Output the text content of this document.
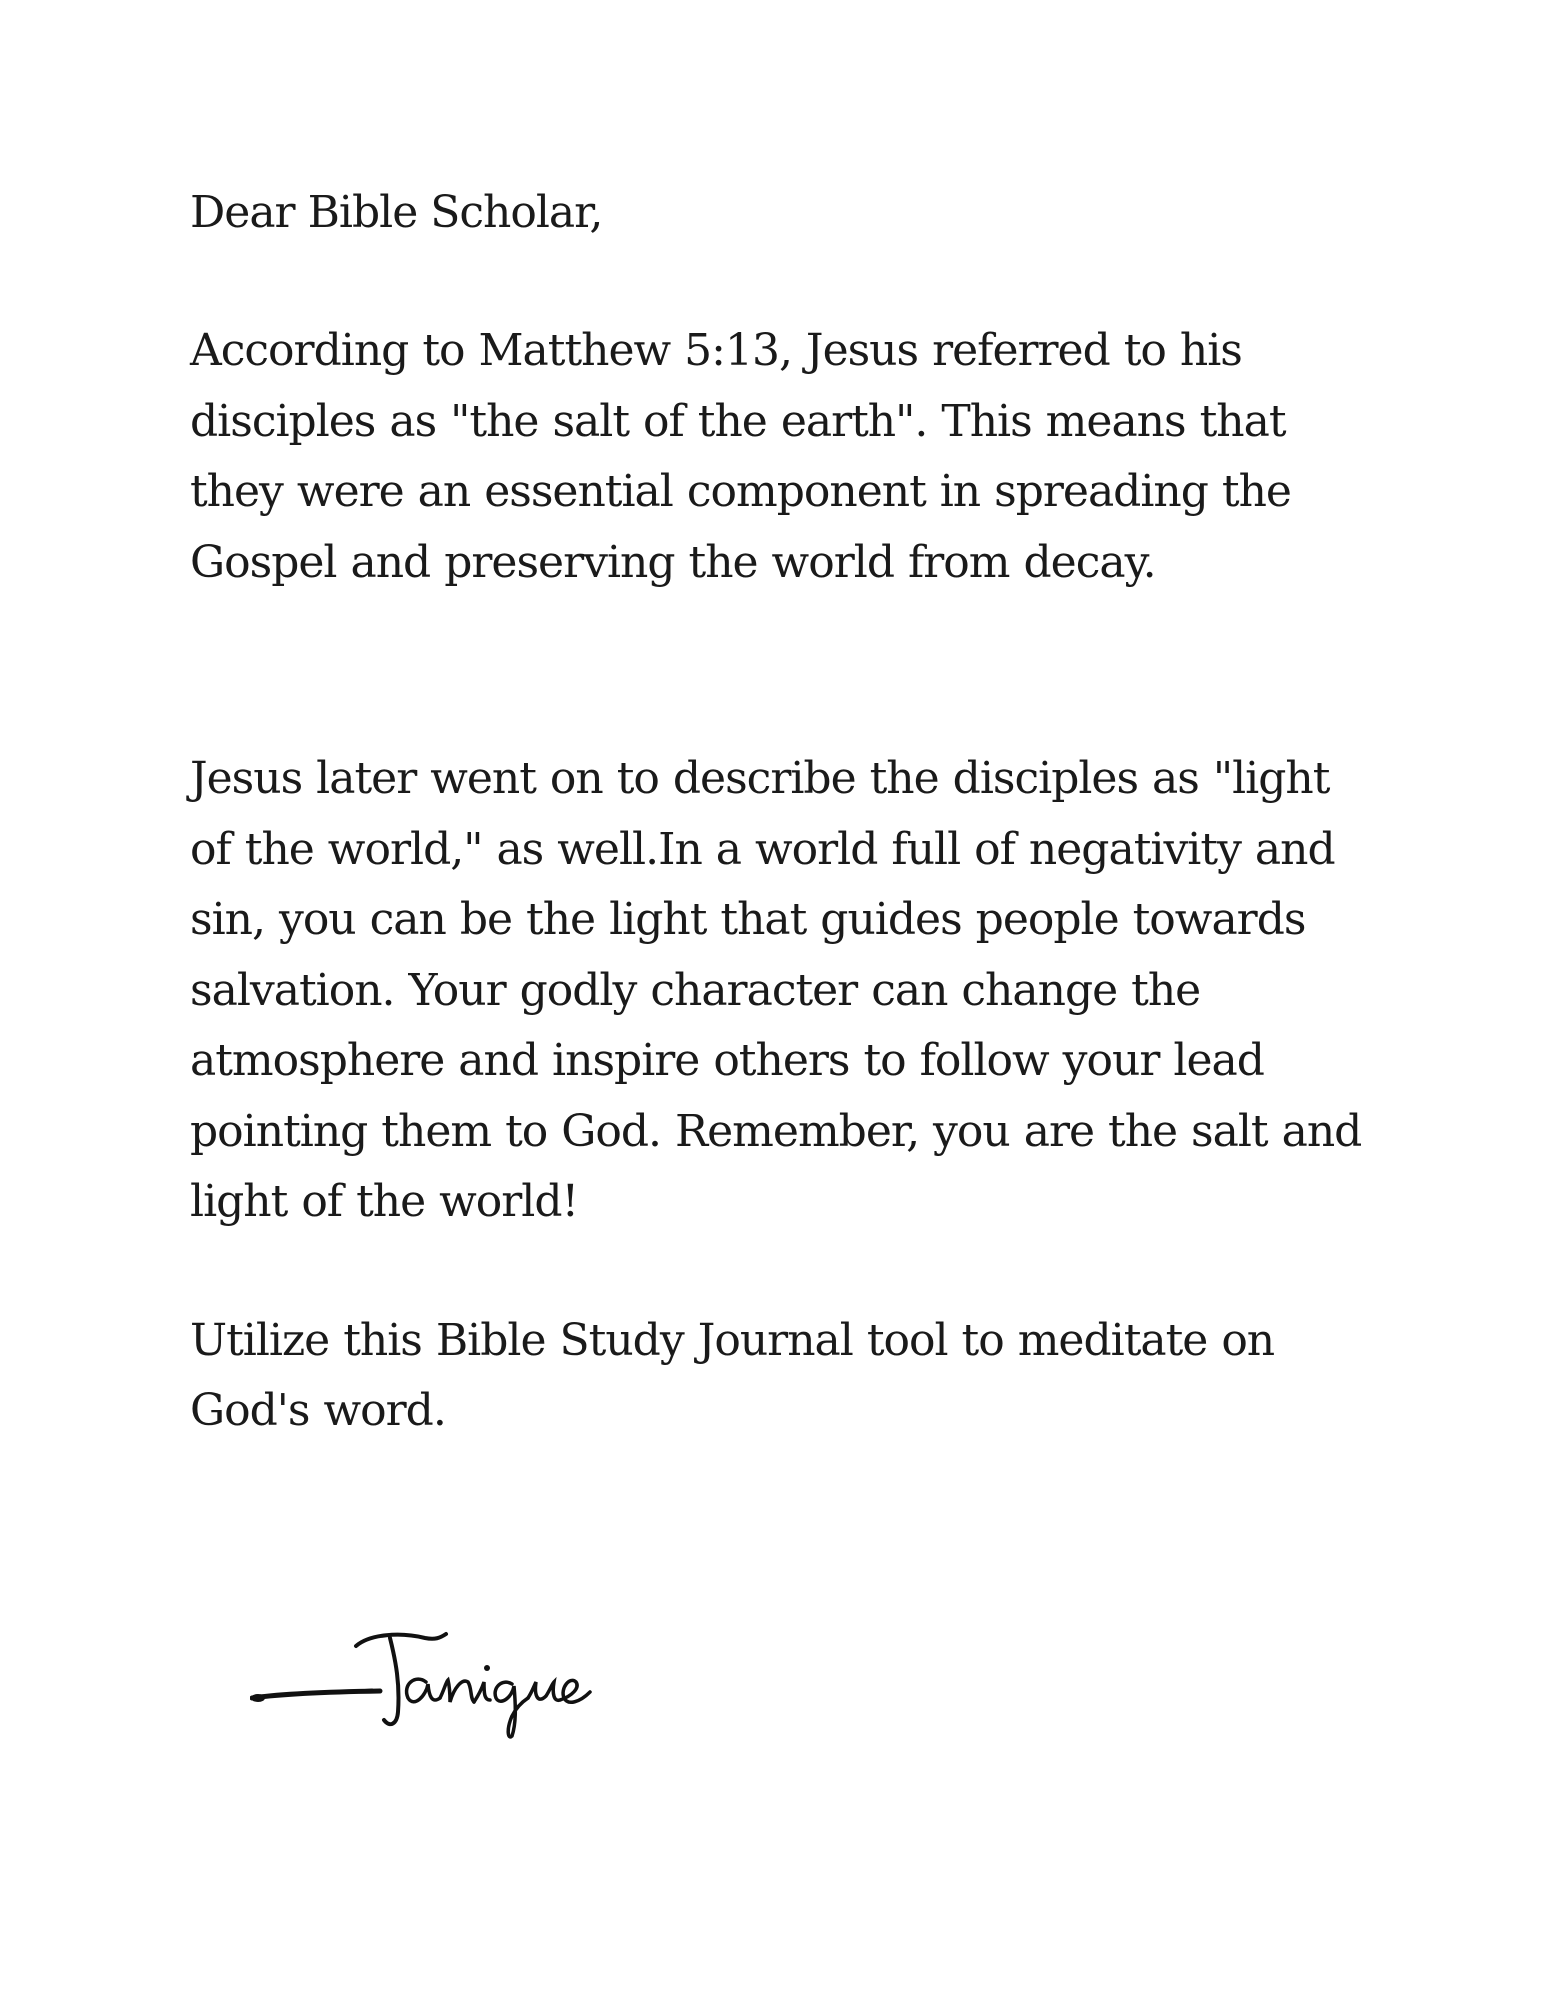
Dear Bible Scholar,

According to Matthew 5:13, Jesus referred to his disciples as "the salt of the earth". This means that they were an essential component in spreading the Gospel and preserving the world from decay.

Jesus later went on to describe the disciples as "light of the world," as well.In a world full of negativity and sin, you can be the light that guides people towards salvation. Your godly character can change the atmosphere and inspire others to follow your lead pointing them to God. Remember, you are the salt and light of the world!

Utilize this Bible Study Journal tool to meditate on God's word.
